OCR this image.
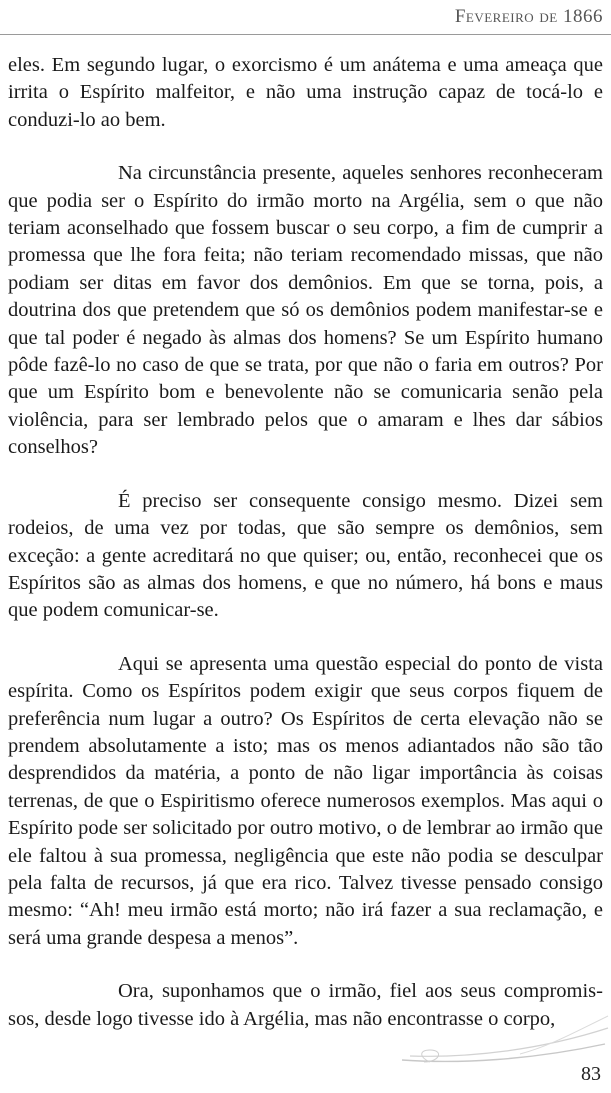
Fevereiro de 1866

eles. Em segundo lugar, o exorcismo é um anátema e uma ameaça que irrita o Espírito malfeitor, e não uma instrução capaz de tocá-lo e conduzi-lo ao bem.

Na circunstância presente, aqueles senhores reconheceram que podia ser o Espírito do irmão morto na Argélia, sem o que não teriam aconselhado que fossem buscar o seu corpo, a fim de cumprir a promessa que lhe fora feita; não teriam recomendado missas, que não podiam ser ditas em favor dos demônios. Em que se torna, pois, a doutrina dos que pretendem que só os demônios podem manifestar-se e que tal poder é negado às almas dos homens? Se um Espírito humano pôde fazê-lo no caso de que se trata, por que não o faria em outros? Por que um Espírito bom e benevolente não se comunicaria senão pela violência, para ser lembrado pelos que o amaram e lhes dar sábios conselhos?

É preciso ser consequente consigo mesmo. Dizei sem rodeios, de uma vez por todas, que são sempre os demônios, sem exceção: a gente acreditará no que quiser; ou, então, reconhecei que os Espíritos são as almas dos homens, e que no número, há bons e maus que podem comunicar-se.

Aqui se apresenta uma questão especial do ponto de vista espírita. Como os Espíritos podem exigir que seus corpos fiquem de preferência num lugar a outro? Os Espíritos de certa elevação não se prendem absolutamente a isto; mas os menos adiantados não são tão desprendidos da matéria, a ponto de não ligar importância às coisas terrenas, de que o Espiritismo oferece numerosos exemplos. Mas aqui o Espírito pode ser solicitado por outro motivo, o de lembrar ao irmão que ele faltou à sua promessa, negligência que este não podia se desculpar pela falta de recursos, já que era rico. Talvez tivesse pensado consigo mesmo: “Ah! meu irmão está morto; não irá fazer a sua reclamação, e será uma grande despesa a menos”.

Ora, suponhamos que o irmão, fiel aos seus compromissos, desde logo tivesse ido à Argélia, mas não encontrasse o corpo,

83
